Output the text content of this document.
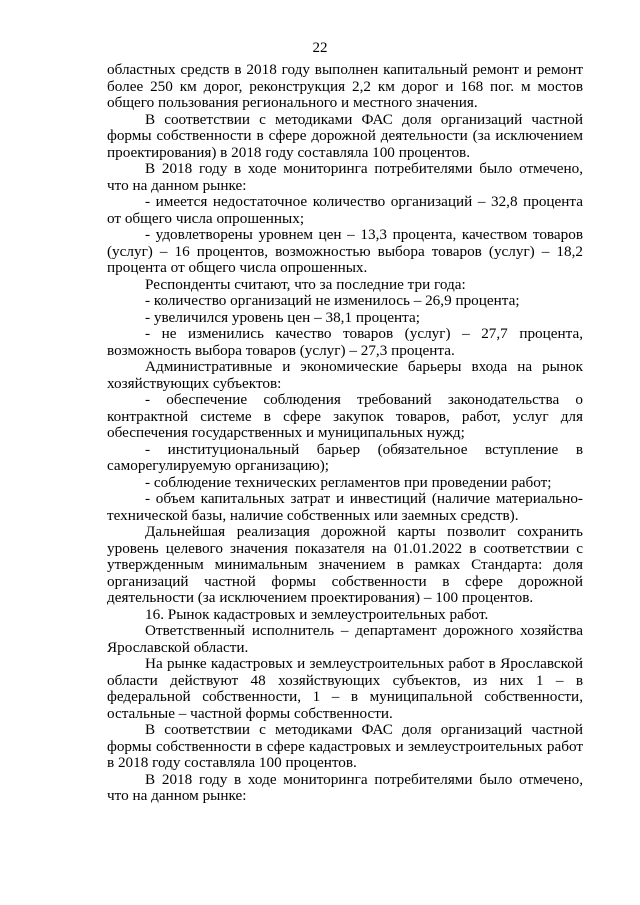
22

областных средств в 2018 году выполнен капитальный ремонт и ремонт более 250 км дорог, реконструкция 2,2 км дорог и 168 пог. м мостов общего пользования регионального и местного значения.

В соответствии с методиками ФАС доля организаций частной формы собственности в сфере дорожной деятельности (за исключением проектирования) в 2018 году составляла 100 процентов.

В 2018 году в ходе мониторинга потребителями было отмечено, что на данном рынке:

- имеется недостаточное количество организаций – 32,8 процента от общего числа опрошенных;

- удовлетворены уровнем цен – 13,3 процента, качеством товаров (услуг) – 16 процентов, возможностью выбора товаров (услуг) – 18,2 процента от общего числа опрошенных.

Респонденты считают, что за последние три года:

- количество организаций не изменилось – 26,9 процента;

- увеличился уровень цен – 38,1 процента;

- не изменились качество товаров (услуг) – 27,7 процента, возможность выбора товаров (услуг) – 27,3 процента.

Административные и экономические барьеры входа на рынок хозяйствующих субъектов:

- обеспечение соблюдения требований законодательства о контрактной системе в сфере закупок товаров, работ, услуг для обеспечения государственных и муниципальных нужд;

- институциональный барьер (обязательное вступление в саморегулируемую организацию);

- соблюдение технических регламентов при проведении работ;

- объем капитальных затрат и инвестиций (наличие материально-технической базы, наличие собственных или заемных средств).

Дальнейшая реализация дорожной карты позволит сохранить уровень целевого значения показателя на 01.01.2022 в соответствии с утвержденным минимальным значением в рамках Стандарта: доля организаций частной формы собственности в сфере дорожной деятельности (за исключением проектирования) – 100 процентов.

16. Рынок кадастровых и землеустроительных работ.

Ответственный исполнитель – департамент дорожного хозяйства Ярославской области.

На рынке кадастровых и землеустроительных работ в Ярославской области действуют 48 хозяйствующих субъектов, из них 1 – в федеральной собственности, 1 – в муниципальной собственности, остальные – частной формы собственности.

В соответствии с методиками ФАС доля организаций частной формы собственности в сфере кадастровых и землеустроительных работ в 2018 году составляла 100 процентов.

В 2018 году в ходе мониторинга потребителями было отмечено, что на данном рынке:
